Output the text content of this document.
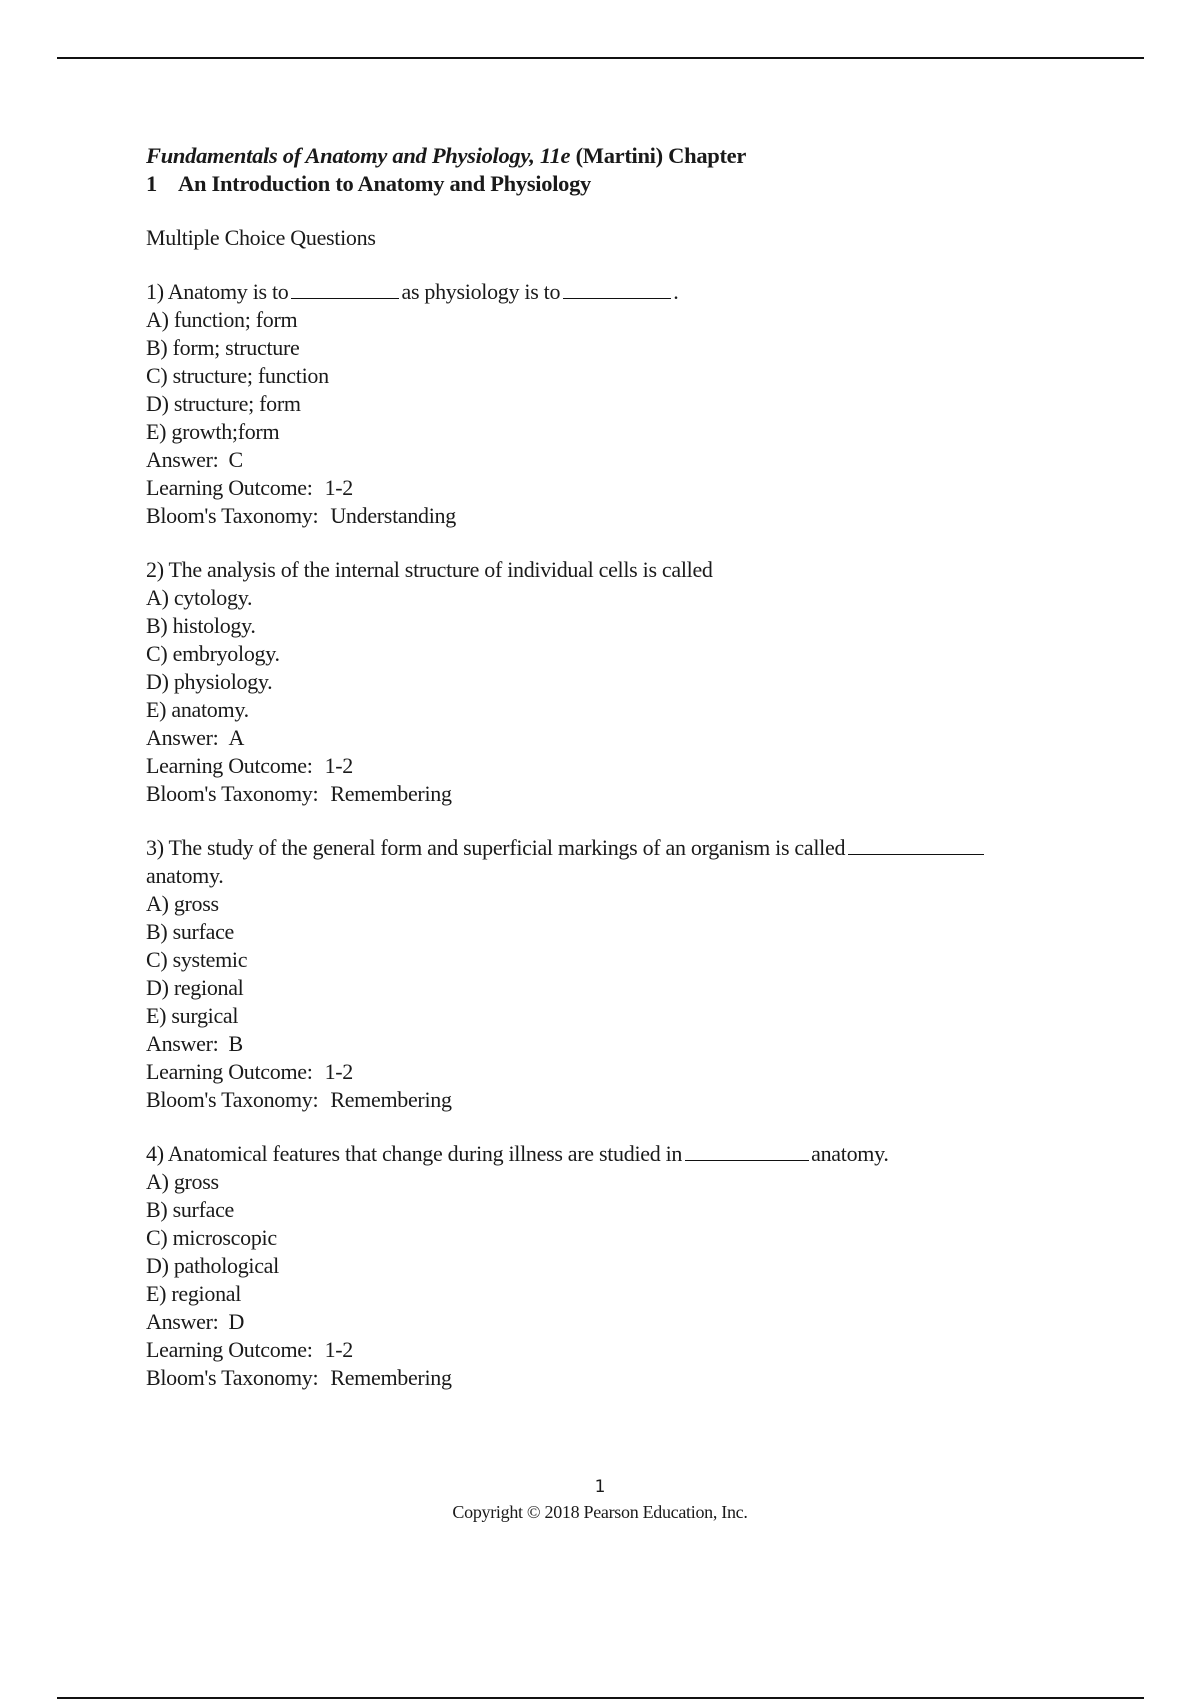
Fundamentals of Anatomy and Physiology, 11e (Martini) Chapter
1 An Introduction to Anatomy and Physiology
Multiple Choice Questions
1) Anatomy is to	as physiology is to	.
A) function; form
B) form; structure
C) structure; function
D) structure; form
E) growth;form
Answer: C
Learning Outcome: 1-2
Bloom's Taxonomy: Understanding
2) The analysis of the internal structure of individual cells is called
A) cytology.
B) histology.
C) embryology.
D) physiology.
E) anatomy.
Answer: A
Learning Outcome: 1-2
Bloom's Taxonomy: Remembering
3) The study of the general form and superficial markings of an organism is called
anatomy.
A) gross
B) surface
C) systemic
D) regional
E) surgical
Answer: B
Learning Outcome: 1-2
Bloom's Taxonomy: Remembering
4) Anatomical features that change during illness are studied in	anatomy.
A) gross
B) surface
C) microscopic
D) pathological
E) regional
Answer: D
Learning Outcome: 1-2
Bloom's Taxonomy: Remembering
1
Copyright © 2018 Pearson Education, Inc.
